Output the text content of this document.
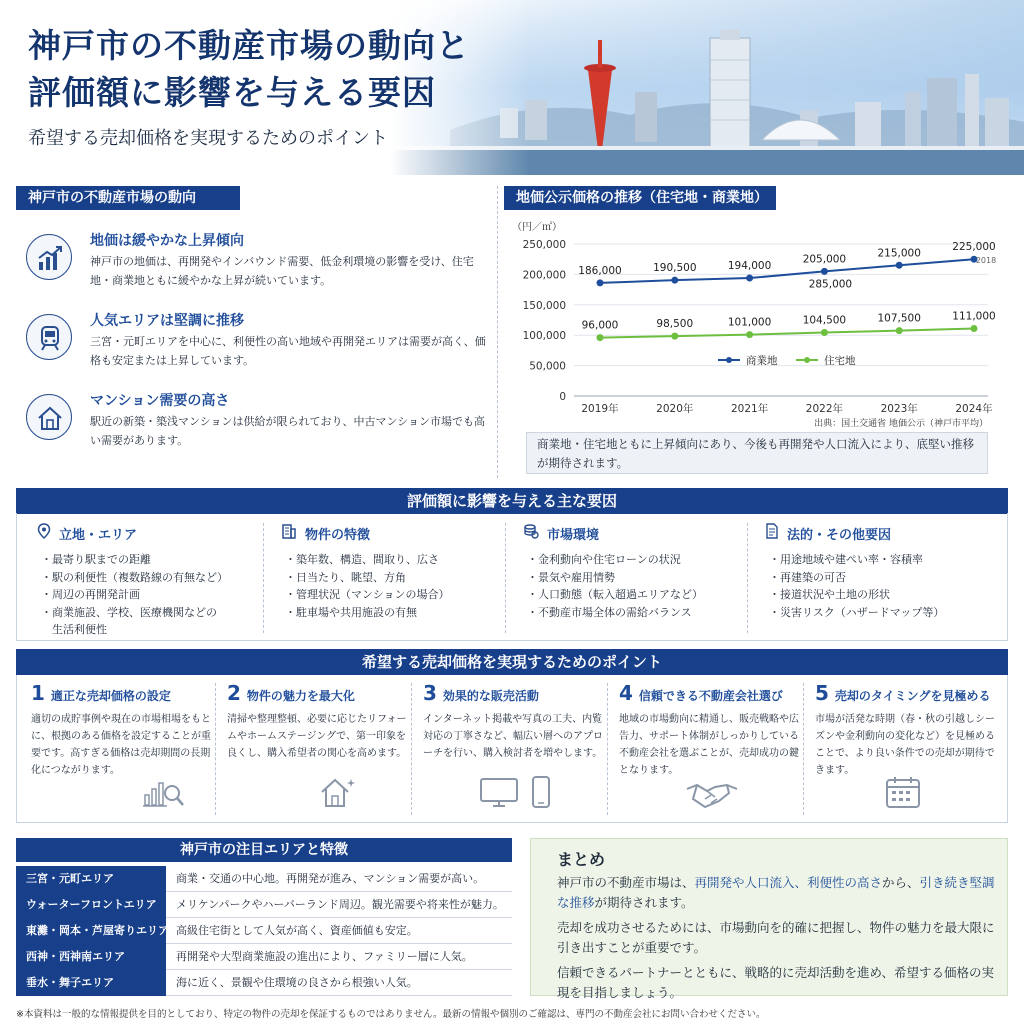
神戸市の不動産市場の動向と
評価額に影響を与える要因
希望する売却価格を実現するためのポイント
神戸市の不動産市場の動向
地価は緩やかな上昇傾向
神戸市の地価は、再開発やインバウンド需要、低金利環境の影響を受け、住宅地・商業地ともに緩やかな上昇が続いています。
人気エリアは堅調に推移
三宮・元町エリアを中心に、利便性の高い地域や再開発エリアは需要が高く、価格も安定または上昇しています。
マンション需要の高さ
駅近の新築・築浅マンションは供給が限られており、中古マンション市場でも高い需要があります。
地価公示価格の推移（住宅地・商業地）
（円／㎡）
0
50,000
100,000
150,000
200,000
250,000
2019年	2020年	2021年	2022年	2023年	2024年
186,000	190,500	194,000
205,000
215,000
225,000
96,000	98,500	101,000	104,500	107,500	111,000
285,000
2018
商業地	住宅地
出典：国土交通省 地価公示（神戸市平均）
商業地・住宅地ともに上昇傾向にあり、今後も再開発や人口流入により、底堅い推移が期待されます。
評価額に影響を与える主な要因
立地・エリア
・最寄り駅までの距離
・駅の利便性（複数路線の有無など）
・周辺の再開発計画
・商業施設、学校、医療機関などの
　生活利便性
物件の特徴
・築年数、構造、間取り、広さ
・日当たり、眺望、方角
・管理状況（マンションの場合）
・駐車場や共用施設の有無
市場環境
・金利動向や住宅ローンの状況
・景気や雇用情勢
・人口動態（転入超過エリアなど）
・不動産市場全体の需給バランス
法的・その他要因
・用途地域や建ぺい率・容積率
・再建築の可否
・接道状況や土地の形状
・災害リスク（ハザードマップ等）
希望する売却価格を実現するためのポイント
1 適正な売却価格の設定
適切の成貯事例や現在の市場相場をもとに、根拠のある価格を設定することが重要です。高すぎる価格は売却期間の長期化につながります。
2 物件の魅力を最大化
清掃や整理整頓、必要に応じたリフォームやホームステージングで、第一印象を良くし、購入希望者の関心を高めます。
3 効果的な販売活動
インターネット掲載や写真の工夫、内覧対応の丁寧さなど、幅広い層へのアプローチを行い、購入検討者を増やします。
4 信頼できる不動産会社選び
地域の市場動向に精通し、販売戦略や広告力、サポート体制がしっかりしている不動産会社を選ぶことが、売却成功の鍵となります。
5 売却のタイミングを見極める
市場が活発な時期（春・秋の引越しシーズンや金利動向の変化など）を見極めることで、より良い条件での売却が期待できます。
神戸市の注目エリアと特徴
三宮・元町エリア	商業・交通の中心地。再開発が進み、マンション需要が高い。
ウォーターフロントエリア	メリケンパークやハーバーランド周辺。観光需要や将来性が魅力。
東灘・岡本・芦屋寄りエリア 高級住宅街として人気が高く、資産価値も安定。
西神・西神南エリア	再開発や大型商業施設の進出により、ファミリー層に人気。
垂水・舞子エリア	海に近く、景観や住環境の良さから根強い人気。
まとめ

神戸市の不動産市場は、再開発や人口流入、利便性の高さから、引き続き堅調な推移が期待されます。

売却を成功させるためには、市場動向を的確に把握し、物件の魅力を最大限に引き出すことが重要です。

信頼できるパートナーとともに、戦略的に売却活動を進め、希望する価格の実現を目指しましょう。

※本資料は一般的な情報提供を目的としており、特定の物件の売却を保証するものではありません。最新の情報や個別のご確認は、専門の不動産会社にお問い合わせください。
